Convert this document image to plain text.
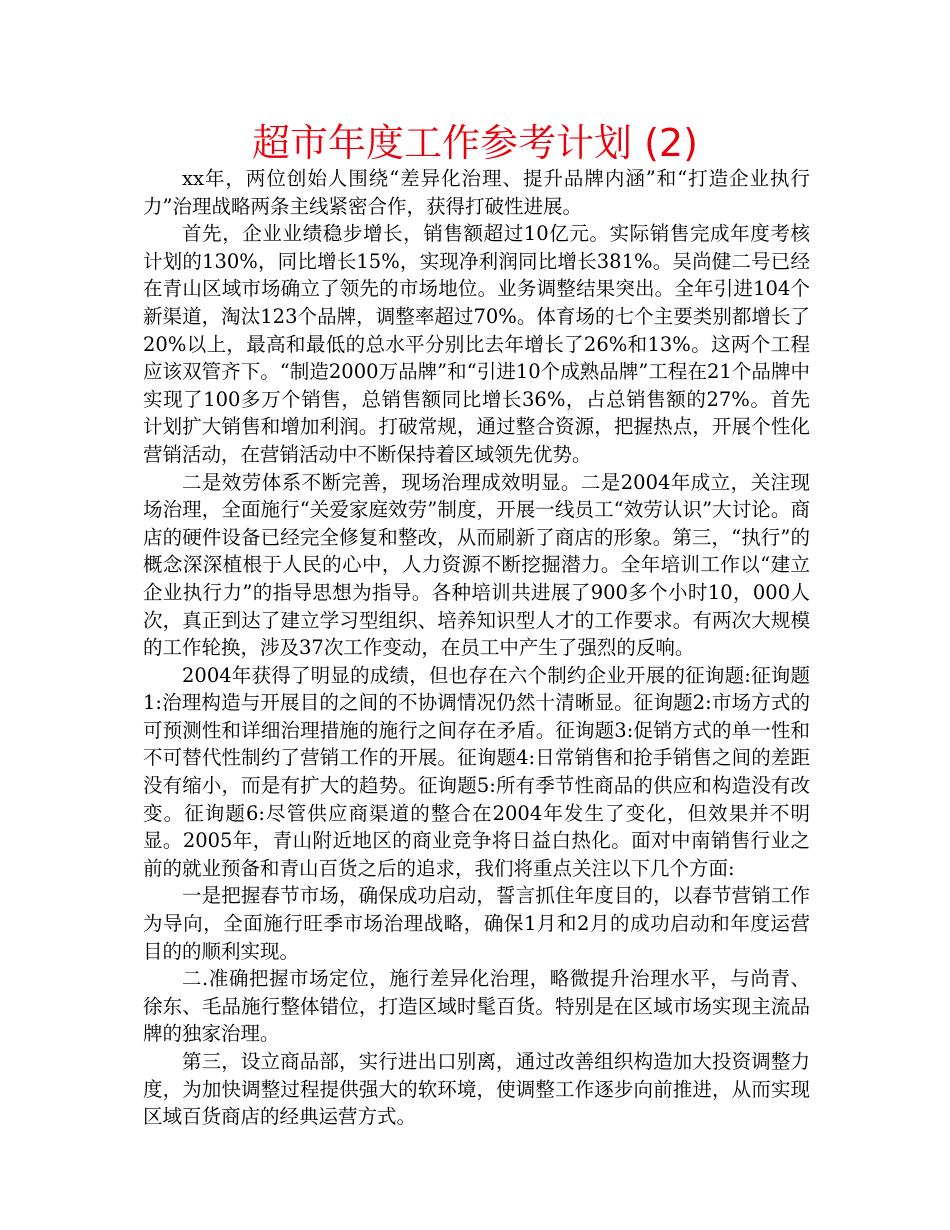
超市年度工作参考计划 (2)

xx年，两位创始人围绕“差异化治理、提升品牌内涵”和“打造企业执行力”治理战略两条主线紧密合作，获得打破性进展。

首先，企业业绩稳步增长，销售额超过10亿元。实际销售完成年度考核计划的130%，同比增长15%，实现净利润同比增长381%。吴尚健二号已经在青山区域市场确立了领先的市场地位。业务调整结果突出。全年引进104个新渠道，淘汰123个品牌，调整率超过70%。体育场的七个主要类别都增长了20%以上，最高和最低的总水平分别比去年增长了26%和13%。这两个工程应该双管齐下。“制造2000万品牌”和“引进10个成熟品牌”工程在21个品牌中实现了100多万个销售，总销售额同比增长36%，占总销售额的27%。首先计划扩大销售和增加利润。打破常规，通过整合资源，把握热点，开展个性化营销活动，在营销活动中不断保持着区域领先优势。

二是效劳体系不断完善，现场治理成效明显。二是2004年成立，关注现场治理，全面施行“关爱家庭效劳”制度，开展一线员工“效劳认识”大讨论。商店的硬件设备已经完全修复和整改，从而刷新了商店的形象。第三，“执行”的概念深深植根于人民的心中，人力资源不断挖掘潜力。全年培训工作以“建立企业执行力”的指导思想为指导。各种培训共进展了900多个小时10，000人次，真正到达了建立学习型组织、培养知识型人才的工作要求。有两次大规模的工作轮换，涉及37次工作变动，在员工中产生了强烈的反响。

2004年获得了明显的成绩，但也存在六个制约企业开展的征询题:征询题1:治理构造与开展目的之间的不协调情况仍然十清晰显。征询题2:市场方式的可预测性和详细治理措施的施行之间存在矛盾。征询题3:促销方式的单一性和不可替代性制约了营销工作的开展。征询题4:日常销售和抢手销售之间的差距没有缩小，而是有扩大的趋势。征询题5:所有季节性商品的供应和构造没有改变。征询题6:尽管供应商渠道的整合在2004年发生了变化，但效果并不明显。2005年，青山附近地区的商业竞争将日益白热化。面对中南销售行业之前的就业预备和青山百货之后的追求，我们将重点关注以下几个方面:

一是把握春节市场，确保成功启动，誓言抓住年度目的，以春节营销工作为导向，全面施行旺季市场治理战略，确保1月和2月的成功启动和年度运营目的的顺利实现。

二.准确把握市场定位，施行差异化治理，略微提升治理水平，与尚青、徐东、毛品施行整体错位，打造区域时髦百货。特别是在区域市场实现主流品牌的独家治理。

第三，设立商品部，实行进出口别离，通过改善组织构造加大投资调整力度，为加快调整过程提供强大的软环境，使调整工作逐步向前推进，从而实现区域百货商店的经典运营方式。
